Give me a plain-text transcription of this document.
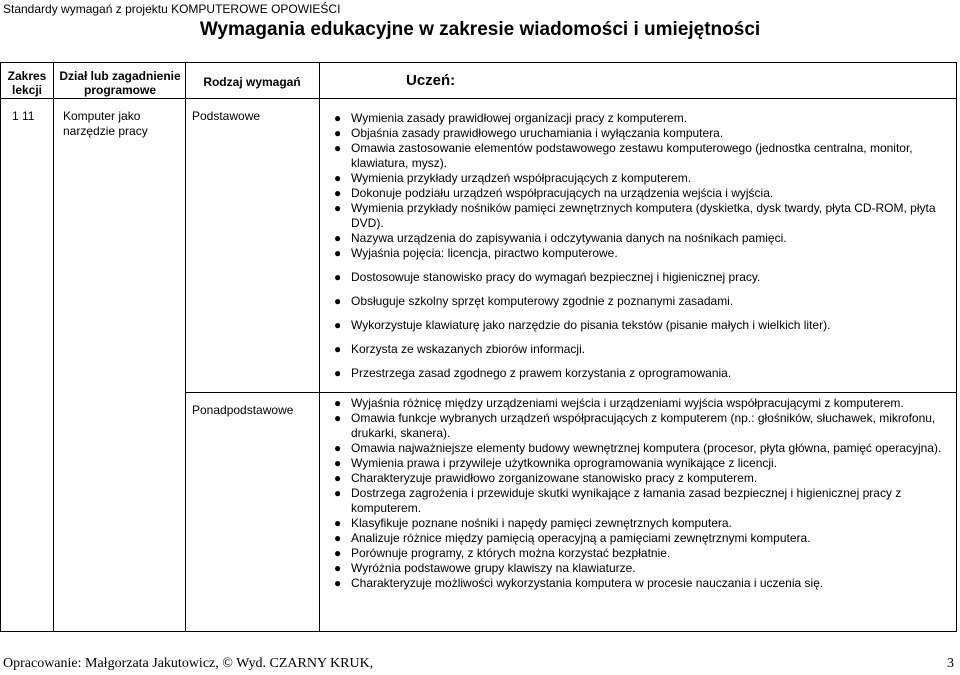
Standardy wymagań z projektu KOMPUTEROWE OPOWIEŚCI
Wymagania edukacyjne w zakresie wiadomości i umiejętności
Zakres lekcji
Dział lub zagadnienie programowe
Rodzaj wymagań	Uczeń:
1 11 Komputer jako narzędzie pracy
Podstawowe
Ponadpodstawowe
● Wymienia zasady prawidłowej organizacji pracy z komputerem.
● Objaśnia zasady prawidłowego uruchamiania i wyłączania komputera.
● Omawia zastosowanie elementów podstawowego zestawu komputerowego (jednostka centralna, monitor, klawiatura, mysz).
● Wymienia przykłady urządzeń współpracujących z komputerem.
● Dokonuje podziału urządzeń współpracujących na urządzenia wejścia i wyjścia.
● Wymienia przykłady nośników pamięci zewnętrznych komputera (dyskietka, dysk twardy, płyta CD-ROM, płyta DVD).
● Nazywa urządzenia do zapisywania i odczytywania danych na nośnikach pamięci.
● Wyjaśnia pojęcia: licencja, piractwo komputerowe.
● Dostosowuje stanowisko pracy do wymagań bezpiecznej i higienicznej pracy.
● Obsługuje szkolny sprzęt komputerowy zgodnie z poznanymi zasadami.
● Wykorzystuje klawiaturę jako narzędzie do pisania tekstów (pisanie małych i wielkich liter).
● Korzysta ze wskazanych zbiorów informacji.
● Przestrzega zasad zgodnego z prawem korzystania z oprogramowania.
● Wyjaśnia różnicę między urządzeniami wejścia i urządzeniami wyjścia współpracującymi z komputerem.
● Omawia funkcje wybranych urządzeń współpracujących z komputerem (np.: głośników, słuchawek, mikrofonu, drukarki, skanera).
● Omawia najważniejsze elementy budowy wewnętrznej komputera (procesor, płyta główna, pamięć operacyjna).
● Wymienia prawa i przywileje użytkownika oprogramowania wynikające z licencji.
● Charakteryzuje prawidłowo zorganizowane stanowisko pracy z komputerem.
● Dostrzega zagrożenia i przewiduje skutki wynikające z łamania zasad bezpiecznej i higienicznej pracy z komputerem.
● Klasyfikuje poznane nośniki i napędy pamięci zewnętrznych komputera.
● Analizuje różnice między pamięcią operacyjną a pamięciami zewnętrznymi komputera.
● Porównuje programy, z których można korzystać bezpłatnie.
● Wyróżnia podstawowe grupy klawiszy na klawiaturze.
● Charakteryzuje możliwości wykorzystania komputera w procesie nauczania i uczenia się.
Opracowanie: Małgorzata Jakutowicz, © Wyd. CZARNY KRUK,	3
